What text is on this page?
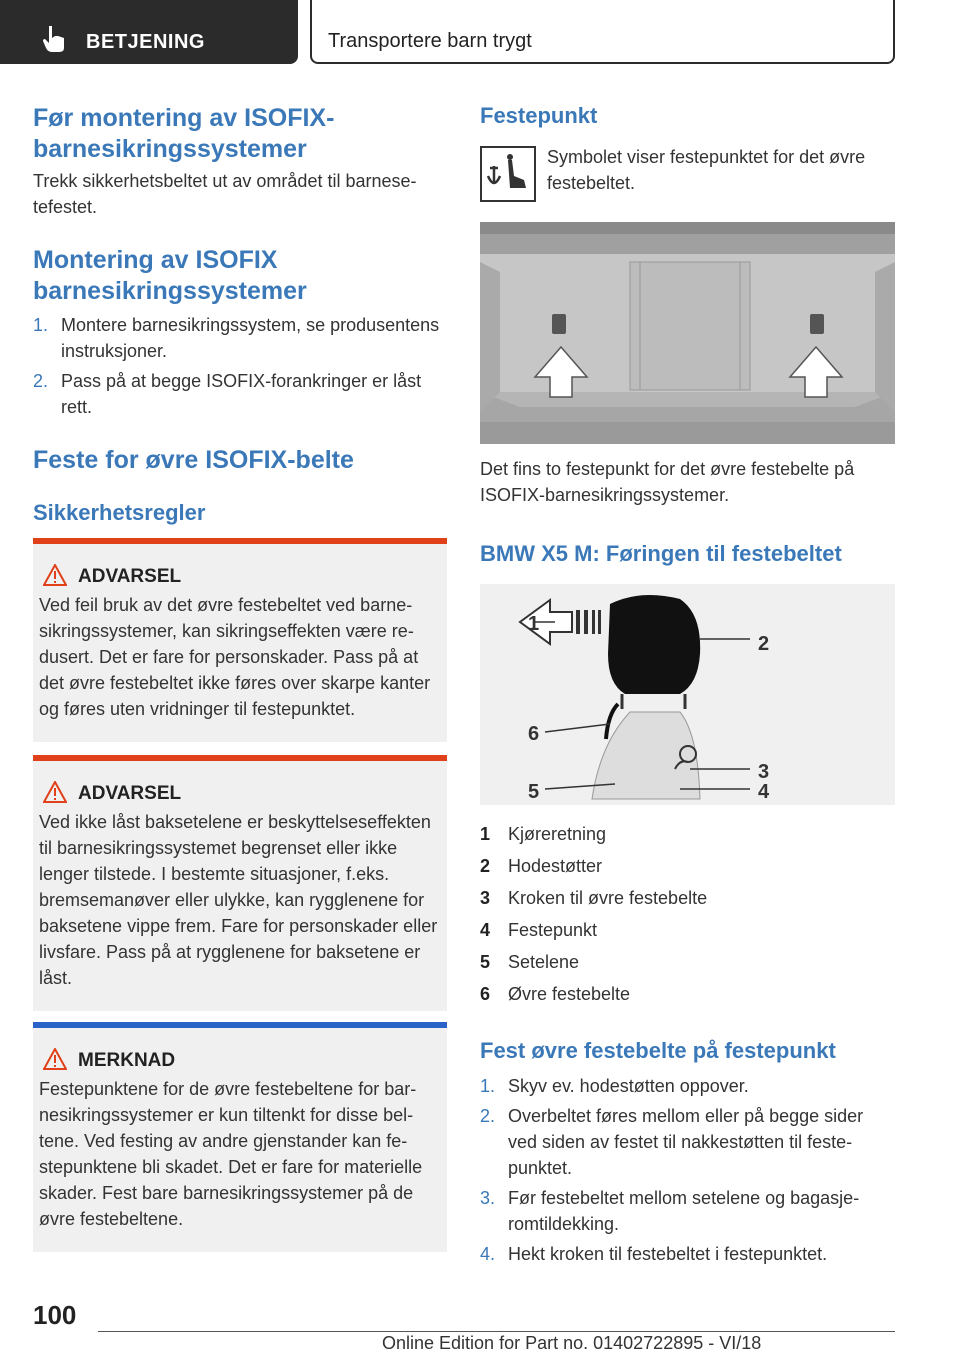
BETJENING	Transportere barn trygt
Før montering av ISOFIX-barnesikringssystemer
Trekk sikkerhetsbeltet ut av området til barnesetefestet.
Montering av ISOFIX barnesikringssystemer
1. Montere barnesikringssystem, se produsentens instruksjoner.
2. Pass på at begge ISOFIX-forankringer er låst rett.
Feste for øvre ISOFIX-belte
Sikkerhetsregler
ADVARSEL
Ved feil bruk av det øvre festebeltet ved barnesikringssystemer, kan sikringseffekten være redusert. Det er fare for personskader. Pass på at det øvre festebeltet ikke føres over skarpe kanter og føres uten vridninger til festepunktet.
ADVARSEL
Ved ikke låst baksetelene er beskyttelseseffekten til barnesikringssystemet begrenset eller ikke lenger tilstede. I bestemte situasjoner, f.eks. bremsemanøver eller ulykke, kan rygglenene for baksetene vippe frem. Fare for personskader eller livsfare. Pass på at rygglenene for baksetene er låst.
MERKNAD
Festepunktene for de øvre festebeltene for barnesikringssystemer er kun tiltenkt for disse beltene. Ved festing av andre gjenstander kan festepunktene bli skadet. Det er fare for materielle skader. Fest bare barnesikringssystemer på de øvre festebeltene.
Festepunkt
Symbolet viser festepunktet for det øvre festebeltet.
Det fins to festepunkt for det øvre festebelte på ISOFIX-barnesikringssystemer.
BMW X5 M: Føringen til festebeltet
1
2
3
4
5
6
1 Kjøreretning
2 Hodestøtter
3 Kroken til øvre festebelte
4 Festepunkt
5 Setelene
6 Øvre festebelte
Fest øvre festebelte på festepunkt
1. Skyv ev. hodestøtten oppover.
2. Overbeltet føres mellom eller på begge sider ved siden av festet til nakkestøtten til festepunktet.
3. Før festebeltet mellom setelene og bagasjeromtildekking.
4. Hekt kroken til festebeltet i festepunktet.
100
Online Edition for Part no. 01402722895 - VI/18
